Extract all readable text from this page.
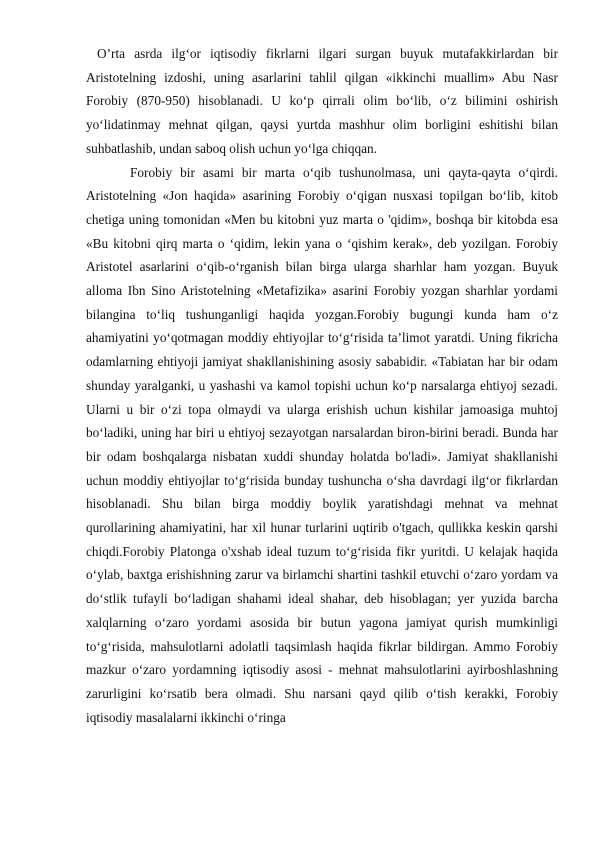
O’rta asrda ilg‘or iqtisodiy fikrlarni ilgari surgan buyuk mutafakkirlardan bir Aristotelning izdoshi, uning asarlarini tahlil qilgan «ikkinchi muallim» Abu Nasr Forobiy (870-950) hisoblanadi. U ko‘p qirrali olim bo‘lib, o‘z bilimini oshirish yo‘lidatinmay mehnat qilgan, qaysi yurtda mashhur olim borligini eshitishi bilan suhbatlashib, undan saboq olish uchun yo‘lga chiqqan.

Forobiy bir asami bir marta o‘qib tushunolmasa, uni qayta-qayta o‘qirdi. Aristotelning «Jon haqida» asarining Forobiy o‘qigan nusxasi topilgan bo‘lib, kitob chetiga uning tomonidan «Men bu kitobni yuz marta o 'qidim», boshqa bir kitobda esa «Bu kitobni qirq marta o ‘qidim, lekin yana o ‘qishim kerak», deb yozilgan. Forobiy Aristotel asarlarini o‘qib-o‘rganish bilan birga ularga sharhlar ham yozgan. Buyuk alloma Ibn Sino Aristotelning «Metafizika» asarini Forobiy yozgan sharhlar yordami bilangina to‘liq tushunganligi haqida yozgan.Forobiy bugungi kunda ham o‘z ahamiyatini yo‘qotmagan moddiy ehtiyojlar to‘g‘risida ta’limot yaratdi. Uning fikricha odamlarning ehtiyoji jamiyat shakllanishining asosiy sababidir. «Tabiatan har bir odam shunday yaralganki, u yashashi va kamol topishi uchun ko‘p narsalarga ehtiyoj sezadi. Ularni u bir o‘zi topa olmaydi va ularga erishish uchun kishilar jamoasiga muhtoj bo‘ladiki, uning har biri u ehtiyoj sezayotgan narsalardan biron-birini beradi. Bunda har bir odam boshqalarga nisbatan xuddi shunday holatda bo'ladi». Jamiyat shakllanishi uchun moddiy ehtiyojlar to‘g‘risida bunday tushuncha o‘sha davrdagi ilg‘or fikrlardan hisoblanadi. Shu bilan birga moddiy boylik yaratishdagi mehnat va mehnat qurollarining ahamiyatini, har xil hunar turlarini uqtirib o'tgach, qullikka keskin qarshi chiqdi.Forobiy Platonga o'xshab ideal tuzum to‘g‘risida fikr yuritdi. U kelajak haqida o‘ylab, baxtga erishishning zarur va birlamchi shartini tashkil etuvchi o‘zaro yordam va do‘stlik tufayli bo‘ladigan shahami ideal shahar, deb hisoblagan; yer yuzida barcha xalqlarning o‘zaro yordami asosida bir butun yagona jamiyat qurish mumkinligi to‘g‘risida, mahsulotlarni adolatli taqsimlash haqida fikrlar bildirgan. Ammo Forobiy mazkur o‘zaro yordamning iqtisodiy asosi - mehnat mahsulotlarini ayirboshlashning zarurligini ko‘rsatib bera olmadi. Shu narsani qayd qilib o‘tish kerakki, Forobiy iqtisodiy masalalarni ikkinchi o‘ringa
